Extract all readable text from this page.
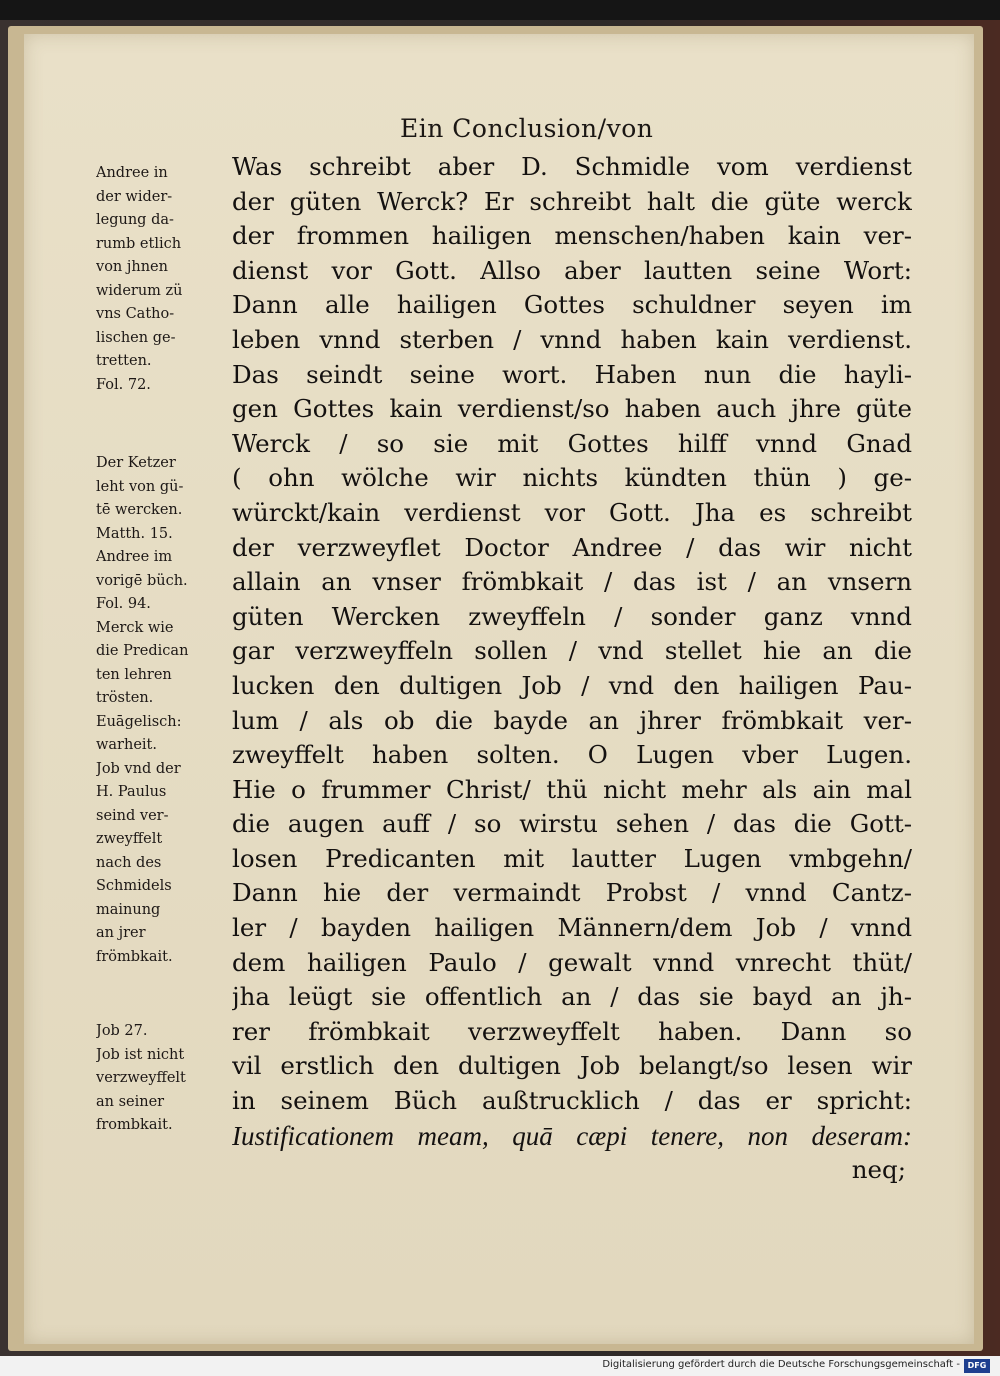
Ein Conclusion/von
Was schreibt aber D. Schmidle vom verdienst
der güten Werck? Er schreibt halt die güte werck
der frommen hailigen menschen/haben kain ver-
dienst vor Gott. Allso aber lautten seine Wort:
Dann alle hailigen Gottes schuldner seyen im
leben vnnd sterben / vnnd haben kain verdienst.
Das seindt seine wort. Haben nun die hayli-
gen Gottes kain verdienst/so haben auch jhre güte
Werck / so sie mit Gottes hilff vnnd Gnad
( ohn wölche wir nichts kündten thün ) ge-
würckt/kain verdienst vor Gott. Jha es schreibt
der verzweyflet Doctor Andree / das wir nicht
allain an vnser frömbkait / das ist / an vnsern
güten Wercken zweyffeln / sonder ganz vnnd
gar verzweyffeln sollen / vnd stellet hie an die
lucken den dultigen Job / vnd den hailigen Pau-
lum / als ob die bayde an jhrer frömbkait ver-
zweyffelt haben solten. O Lugen vber Lugen.
Hie o frummer Christ/ thü nicht mehr als ain mal
die augen auff / so wirstu sehen / das die Gott-
losen Predicanten mit lautter Lugen vmbgehn/
Dann hie der vermaindt Probst / vnnd Cantz-
ler / bayden hailigen Männern/dem Job / vnnd
dem hailigen Paulo / gewalt vnnd vnrecht thüt/
jha leügt sie offentlich an / das sie bayd an jh-
rer frömbkait verzweyffelt haben. Dann so
vil erstlich den dultigen Job belangt/so lesen wir
in seinem Büch außtrucklich / das er spricht:
Iustificationem meam, quā cæpi tenere, non deseram:
neq;
Andree in
der wider-
legung da-
rumb etlich
von jhnen
widerum zü
vns Catho-
lischen ge-
tretten.
Fol. 72.
Der Ketzer
leht von gü-
tē wercken.
Matth. 15.
Andree im
vorigē büch.
Fol. 94.
Merck wie
die Predican
ten lehren
trösten.
Euāgelisch:
warheit.
Job vnd der
H. Paulus
seind ver-
zweyffelt
nach des
Schmidels
mainung
an jrer
frömbkait.
Job 27.
Job ist nicht
verzweyffelt
an seiner
frombkait.
Digitalisierung gefördert durch die Deutsche Forschungsgemeinschaft - DFG
